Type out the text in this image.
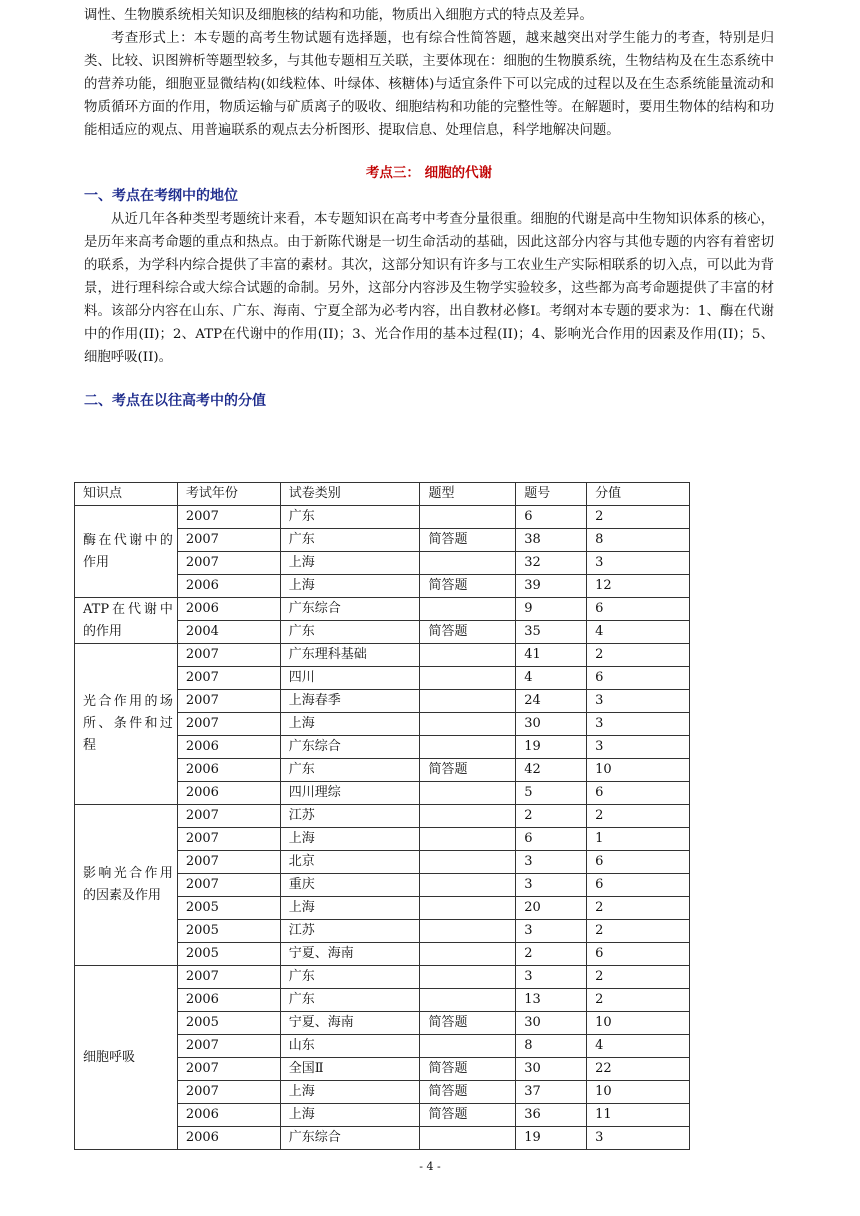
调性、生物膜系统相关知识及细胞核的结构和功能，物质出入细胞方式的特点及差异。

考查形式上：本专题的高考生物试题有选择题，也有综合性简答题，越来越突出对学生能力的考查，特别是归类、比较、识图辨析等题型较多，与其他专题相互关联，主要体现在：细胞的生物膜系统，生物结构及在生态系统中的营养功能，细胞亚显微结构(如线粒体、叶绿体、核糖体)与适宜条件下可以完成的过程以及在生态系统能量流动和物质循环方面的作用，物质运输与矿质离子的吸收、细胞结构和功能的完整性等。在解题时，要用生物体的结构和功能相适应的观点、用普遍联系的观点去分析图形、提取信息、处理信息，科学地解决问题。

考点三： 细胞的代谢
一、考点在考纲中的地位

从近几年各种类型考题统计来看，本专题知识在高考中考查分量很重。细胞的代谢是高中生物知识体系的核心，是历年来高考命题的重点和热点。由于新陈代谢是一切生命活动的基础，因此这部分内容与其他专题的内容有着密切的联系，为学科内综合提供了丰富的素材。其次，这部分知识有许多与工农业生产实际相联系的切入点，可以此为背景，进行理科综合或大综合试题的命制。另外，这部分内容涉及生物学实验较多，这些都为高考命题提供了丰富的材料。该部分内容在山东、广东、海南、宁夏全部为必考内容，出自教材必修Ⅰ。考纲对本专题的要求为：1、酶在代谢中的作用(II)；2、ATP在代谢中的作用(II)；3、光合作用的基本过程(II)；4、影响光合作用的因素及作用(II)；5、细胞呼吸(II)。

二、考点在以往高考中的分值
知识点	考试年份	试卷类别	题型	题号	分值
酶在代谢中的作用	2007	广东		6	2
	2007	广东	简答题	38	8
	2007	上海		32	3
	2006	上海	简答题	39	12
ATP在代谢中的作用	2006	广东综合		9	6
	2004	广东	简答题	35	4
光合作用的场所、条件和过程	2007	广东理科基础		41	2
	2007	四川		4	6
	2007	上海春季		24	3
	2007	上海		30	3
	2006	广东综合		19	3
	2006	广东	简答题	42	10
	2006	四川理综		5	6
影响光合作用的因素及作用	2007	江苏		2	2
	2007	上海		6	1
	2007	北京		3	6
	2007	重庆		3	6
	2005	上海		20	2
	2005	江苏		3	2
	2005	宁夏、海南		2	6
细胞呼吸	2007	广东		3	2
	2006	广东		13	2
	2005	宁夏、海南	简答题	30	10
	2007	山东		8	4
	2007	全国Ⅱ	简答题	30	22
	2007	上海	简答题	37	10
	2006	上海	简答题	36	11
	2006	广东综合		19	3
- 4 -
